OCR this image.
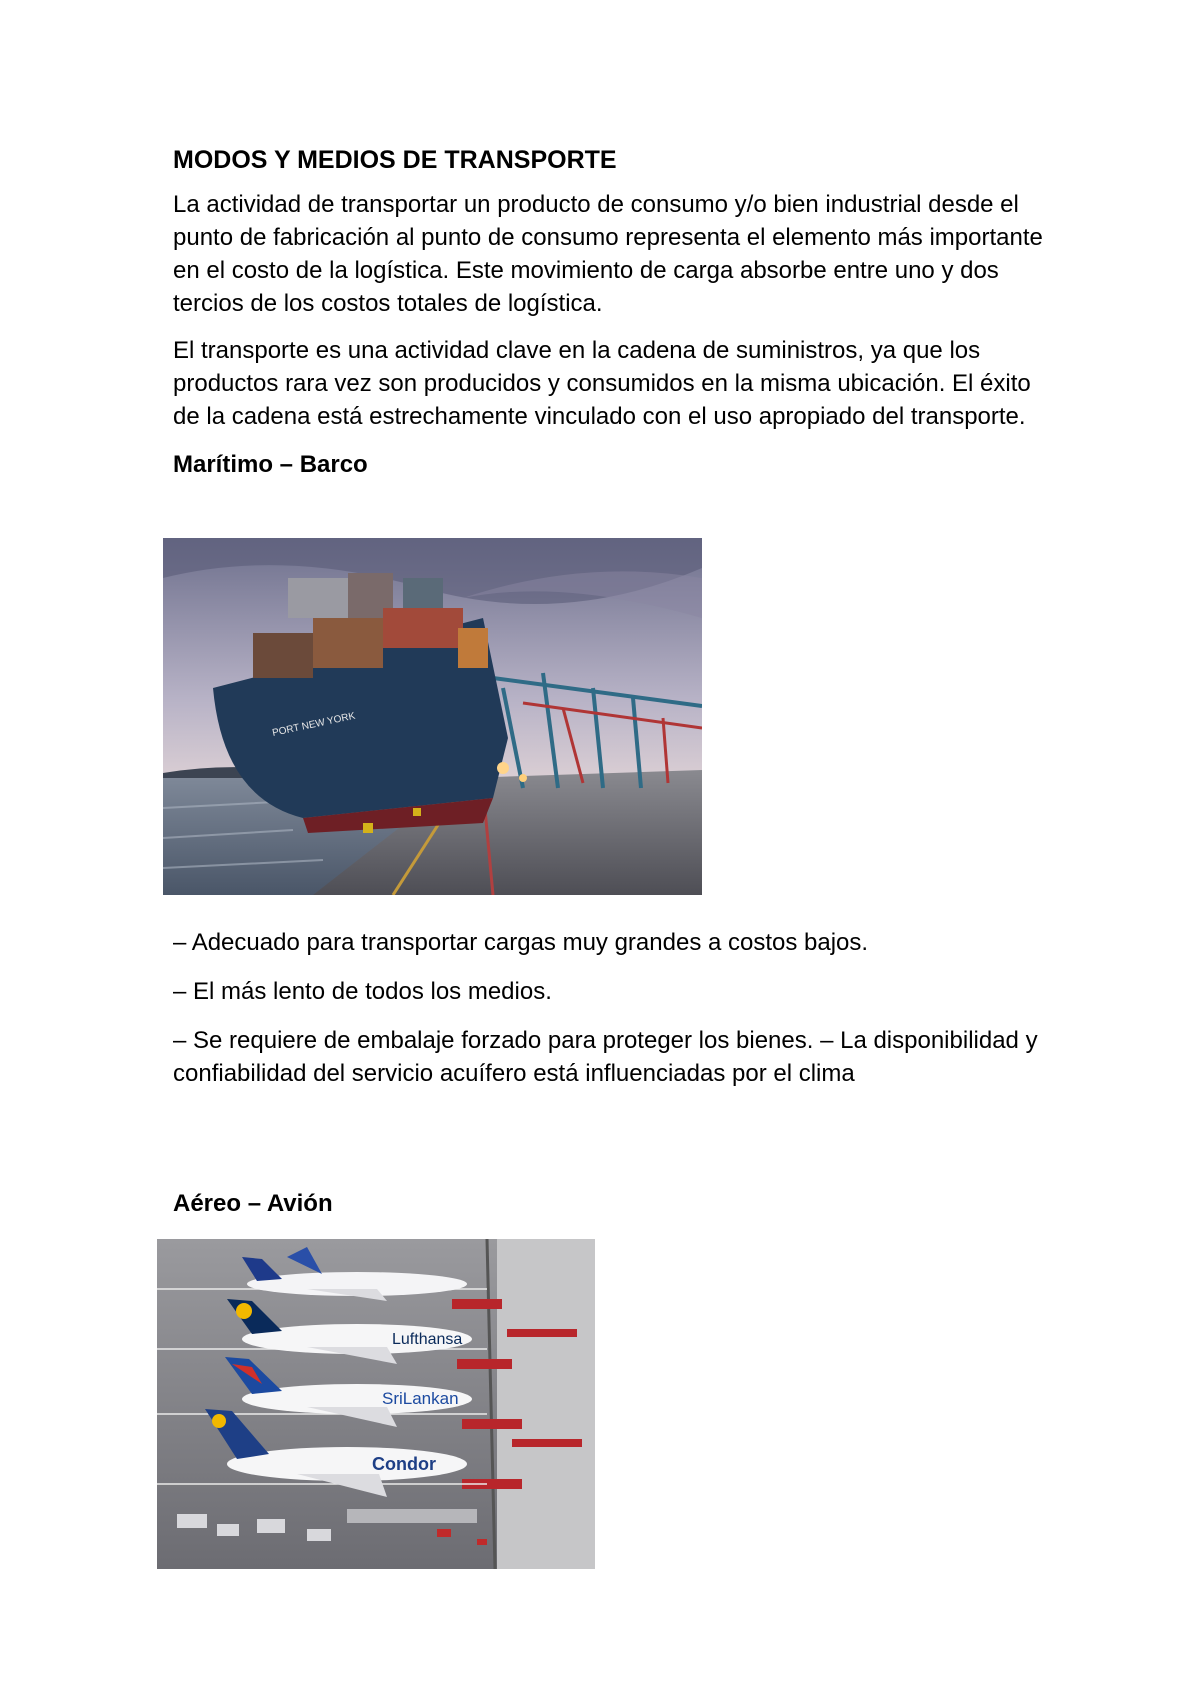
MODOS Y MEDIOS DE TRANSPORTE

La actividad de transportar un producto de consumo y/o bien industrial desde el punto de fabricación al punto de consumo representa el elemento más importante en el costo de la logística. Este movimiento de carga absorbe entre uno y dos tercios de los costos totales de logística.

El transporte es una actividad clave en la cadena de suministros, ya que los productos rara vez son producidos y consumidos en la misma ubicación. El éxito de la cadena está estrechamente vinculado con el uso apropiado del transporte.

Marítimo – Barco
PORT NEW YORK

– Adecuado para transportar cargas muy grandes a costos bajos.

– El más lento de todos los medios.

– Se requiere de embalaje forzado para proteger los bienes. – La disponibilidad y confiabilidad del servicio acuífero está influenciadas por el clima

Aéreo – Avión
Lufthansa
SriLankan
Condor
